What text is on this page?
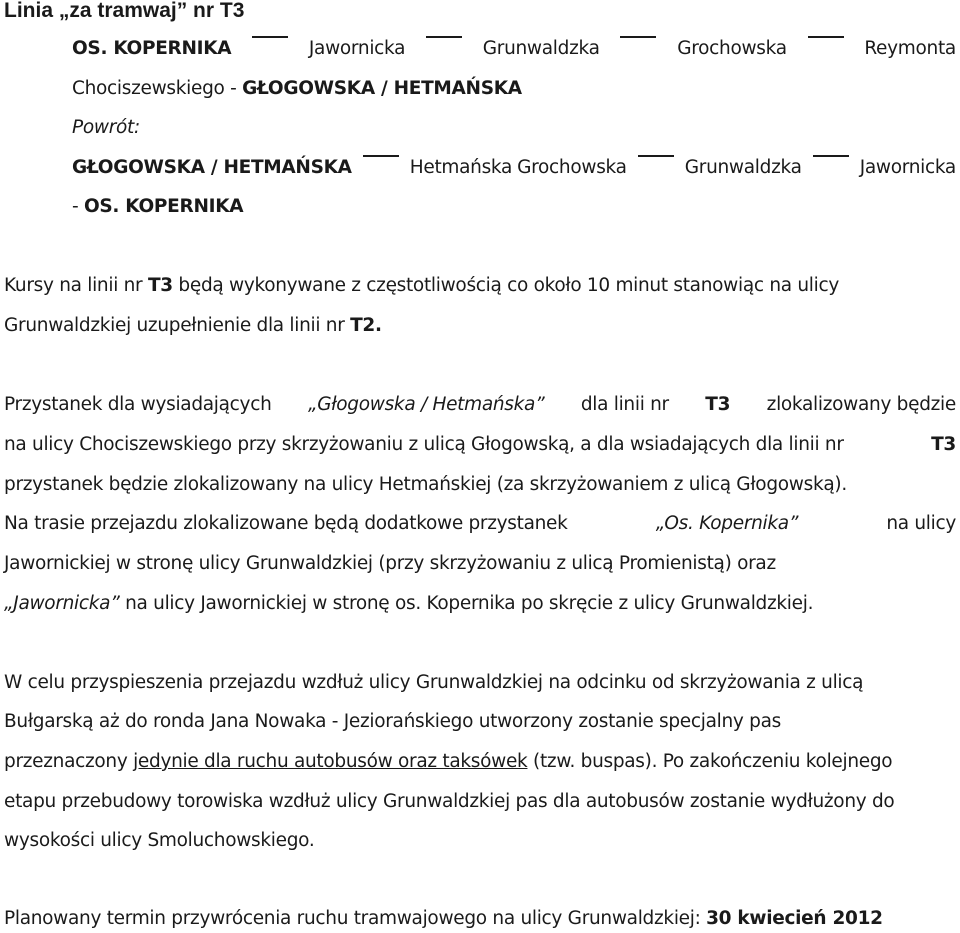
Linia „za tramwaj” nr T3
OS. KOPERNIKA	Jawornicka	Grunwaldzka	Grochowska	Reymonta
Chociszewskiego - GŁOGOWSKA / HETMAŃSKA
Powrót:
GŁOGOWSKA / HETMAŃSKA	Hetmańska Grochowska	Grunwaldzka	Jawornicka
- OS. KOPERNIKA
Kursy na linii nr T3 będą wykonywane z częstotliwością co około 10 minut stanowiąc na ulicy
Grunwaldzkiej uzupełnienie dla linii nr T2.
Przystanek dla wysiadających „Głogowska / Hetmańska” dla linii nr T3 zlokalizowany będzie
na ulicy Chociszewskiego przy skrzyżowaniu z ulicą Głogowską, a dla wsiadających dla linii nr	T3
przystanek będzie zlokalizowany na ulicy Hetmańskiej (za skrzyżowaniem z ulicą Głogowską).
Na trasie przejazdu zlokalizowane będą dodatkowe przystanek	„Os. Kopernika”	na ulicy
Jawornickiej w stronę ulicy Grunwaldzkiej (przy skrzyżowaniu z ulicą Promienistą) oraz
„Jawornicka” na ulicy Jawornickiej w stronę os. Kopernika po skręcie z ulicy Grunwaldzkiej.
W celu przyspieszenia przejazdu wzdłuż ulicy Grunwaldzkiej na odcinku od skrzyżowania z ulicą
Bułgarską aż do ronda Jana Nowaka - Jeziorańskiego utworzony zostanie specjalny pas
przeznaczony jedynie dla ruchu autobusów oraz taksówek (tzw. buspas). Po zakończeniu kolejnego
etapu przebudowy torowiska wzdłuż ulicy Grunwaldzkiej pas dla autobusów zostanie wydłużony do
wysokości ulicy Smoluchowskiego.
Planowany termin przywrócenia ruchu tramwajowego na ulicy Grunwaldzkiej: 30 kwiecień 2012
